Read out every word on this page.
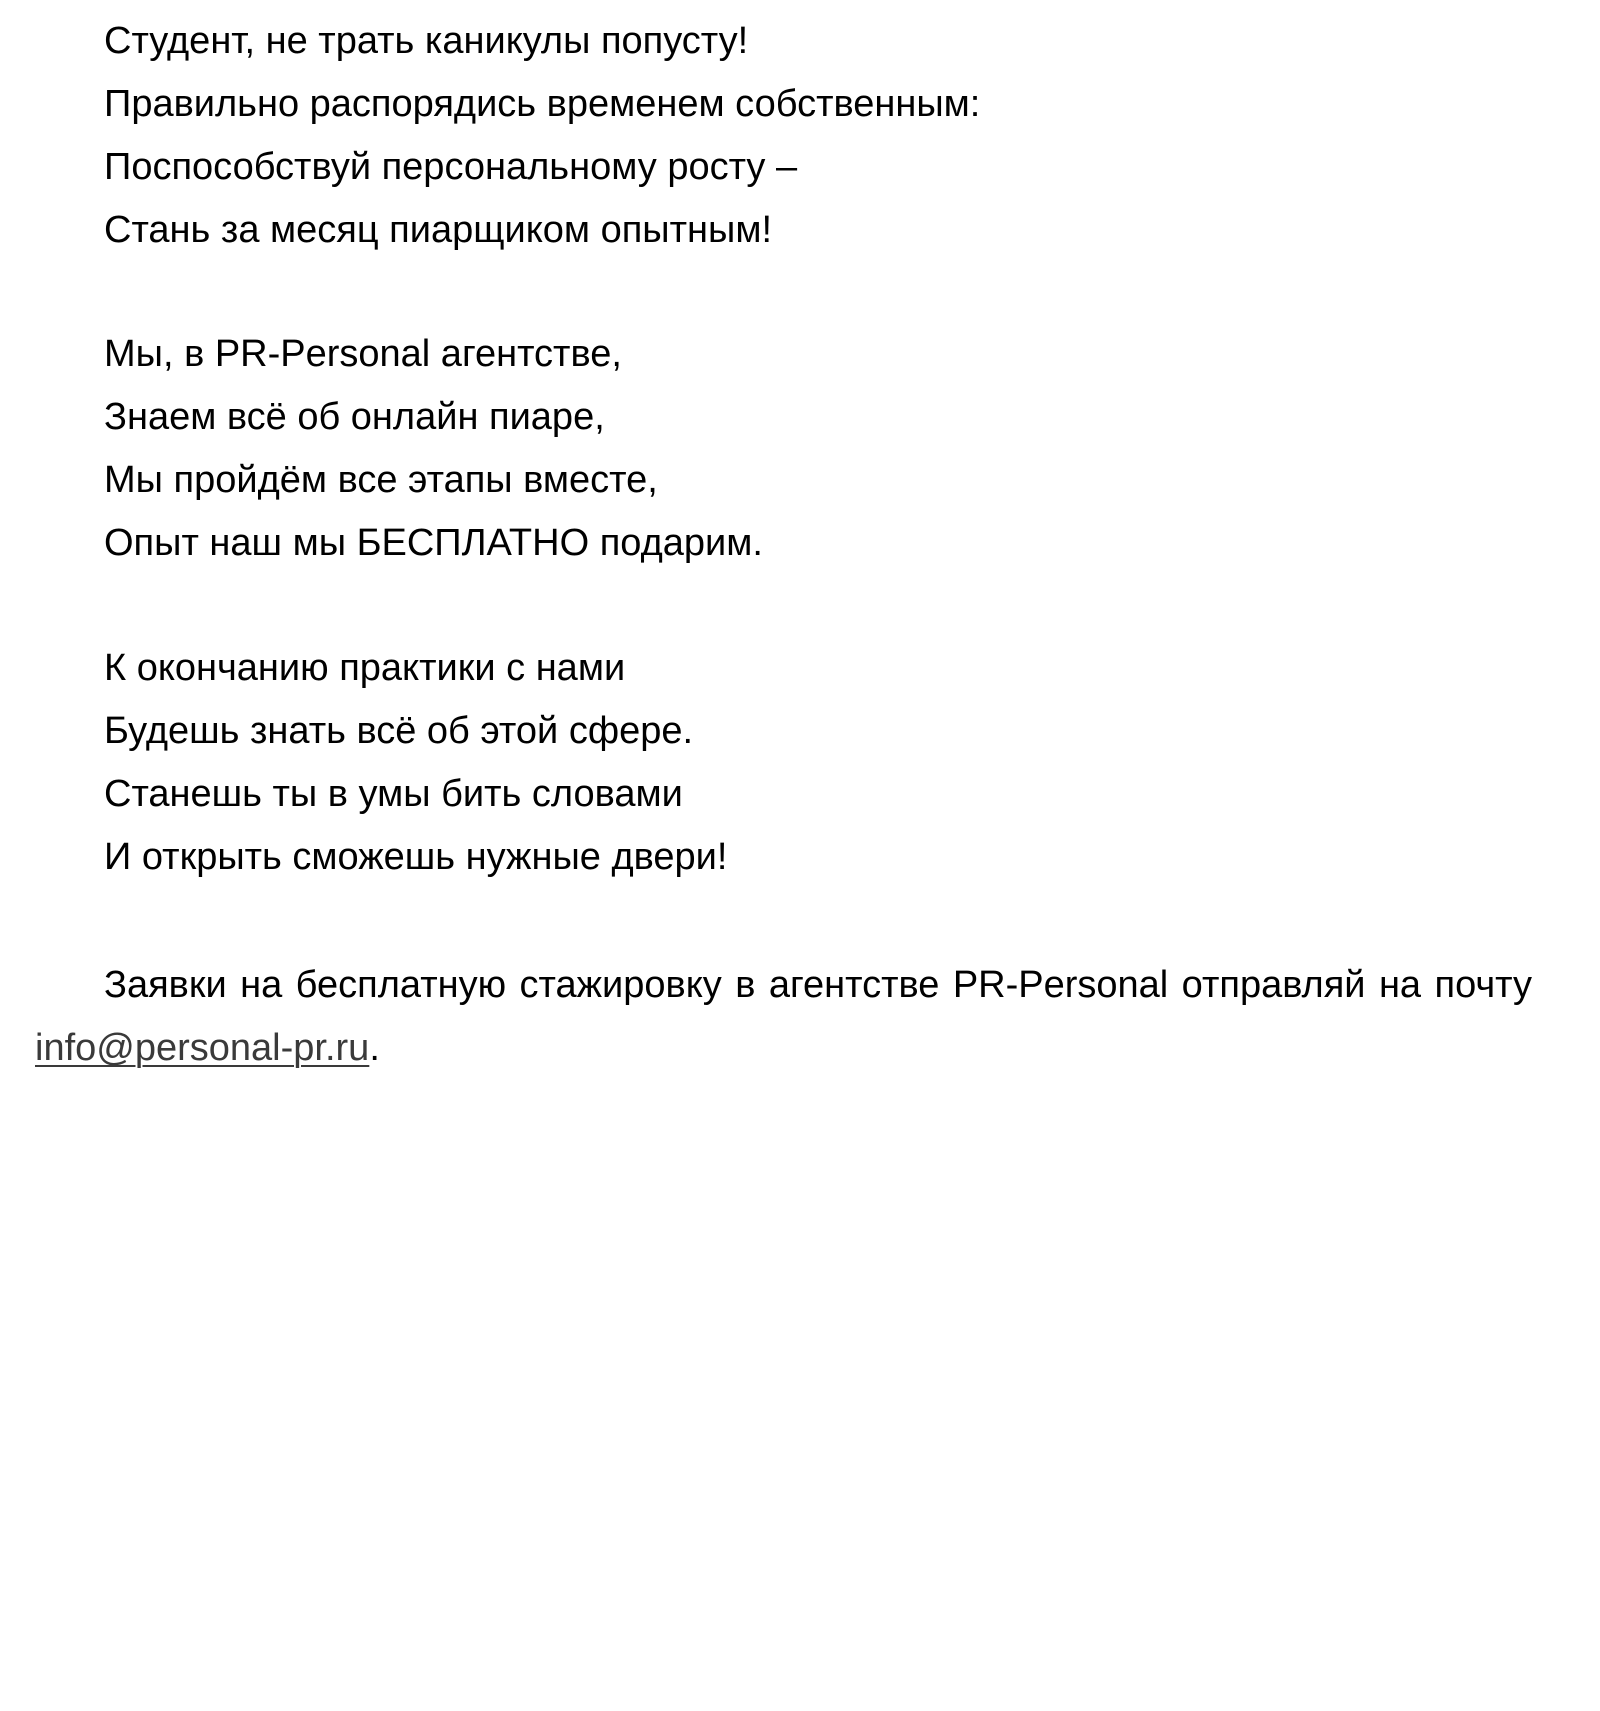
Студент, не трать каникулы попусту!
Правильно распорядись временем собственным:
Поспособствуй персональному росту –
Стань за месяц пиарщиком опытным!
Мы, в PR-Personal агентстве,
Знаем всё об онлайн пиаре,
Мы пройдём все этапы вместе,
Опыт наш мы БЕСПЛАТНО подарим.
К окончанию практики с нами
Будешь знать всё об этой сфере.
Станешь ты в умы бить словами
И открыть сможешь нужные двери!

Заявки на бесплатную стажировку в агентстве PR-Personal отправляй на почту info@personal-pr.ru.
